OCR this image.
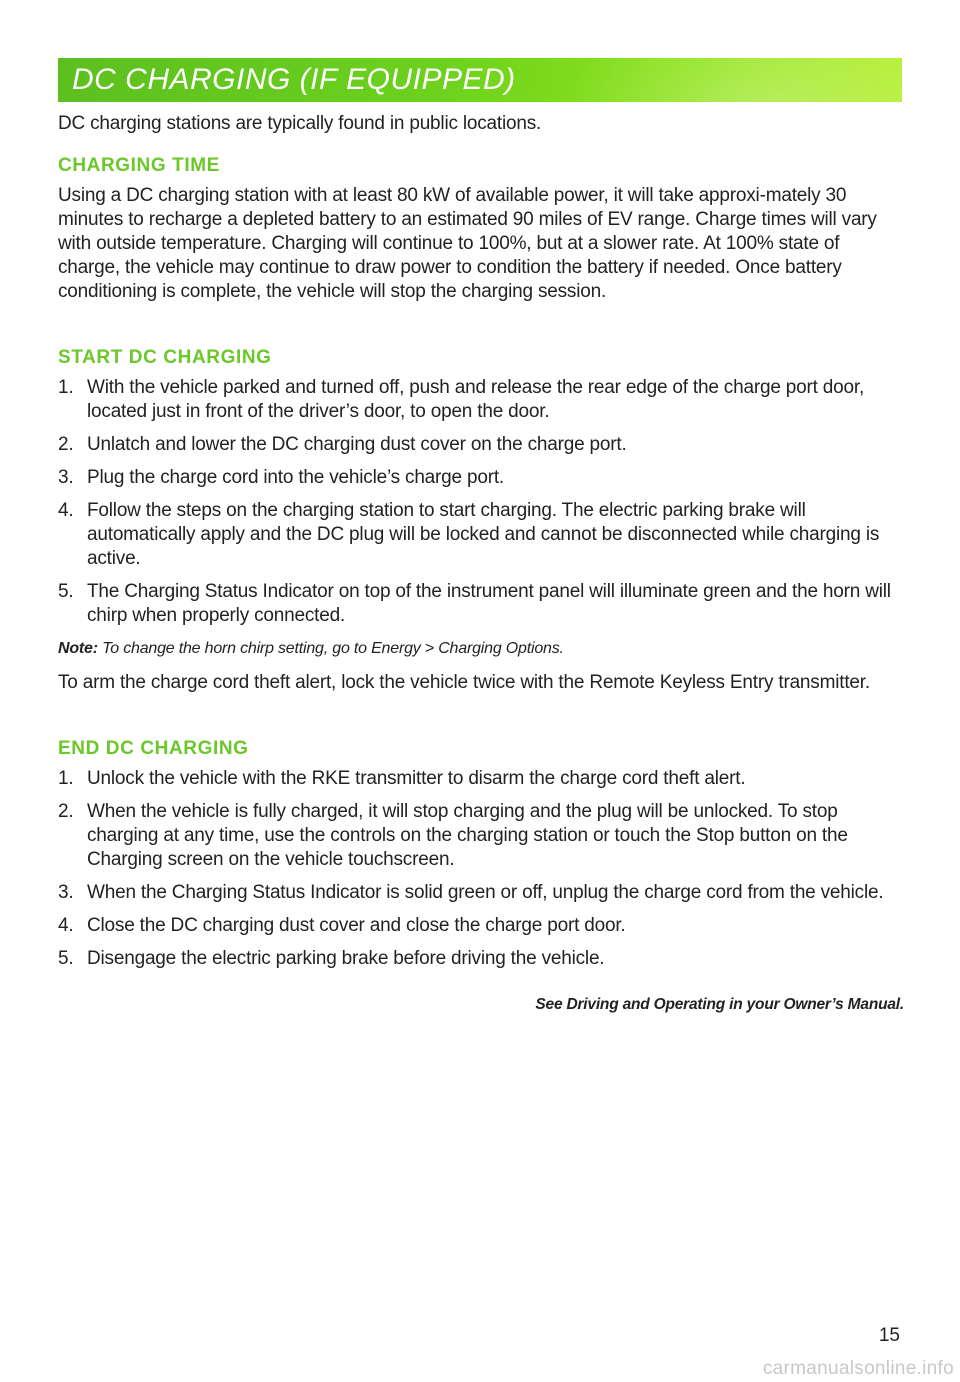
DC CHARGING (IF EQUIPPED)

DC charging stations are typically found in public locations.

CHARGING TIME

Using a DC charging station with at least 80 kW of available power, it will take approxi-mately 30 minutes to recharge a depleted battery to an estimated 90 miles of EV range. Charge times will vary with outside temperature. Charging will continue to 100%, but at a slower rate. At 100% state of charge, the vehicle may continue to draw power to condition the battery if needed. Once battery conditioning is complete, the vehicle will stop the charging session.

START DC CHARGING
1. With the vehicle parked and turned off, push and release the rear edge of the charge port door, located just in front of the driver’s door, to open the door.
2. Unlatch and lower the DC charging dust cover on the charge port.
3. Plug the charge cord into the vehicle’s charge port.
4. Follow the steps on the charging station to start charging. The electric parking brake will automatically apply and the DC plug will be locked and cannot be disconnected while charging is active.
5. The Charging Status Indicator on top of the instrument panel will illuminate green and the horn will chirp when properly connected.

Note: To change the horn chirp setting, go to Energy > Charging Options.

To arm the charge cord theft alert, lock the vehicle twice with the Remote Keyless Entry transmitter.

END DC CHARGING
1. Unlock the vehicle with the RKE transmitter to disarm the charge cord theft alert.
2. When the vehicle is fully charged, it will stop charging and the plug will be unlocked. To stop charging at any time, use the controls on the charging station or touch the Stop button on the Charging screen on the vehicle touchscreen.
3. When the Charging Status Indicator is solid green or off, unplug the charge cord from the vehicle.
4. Close the DC charging dust cover and close the charge port door.
5. Disengage the electric parking brake before driving the vehicle.

See Driving and Operating in your Owner’s Manual.

15
carmanualsonline.info
